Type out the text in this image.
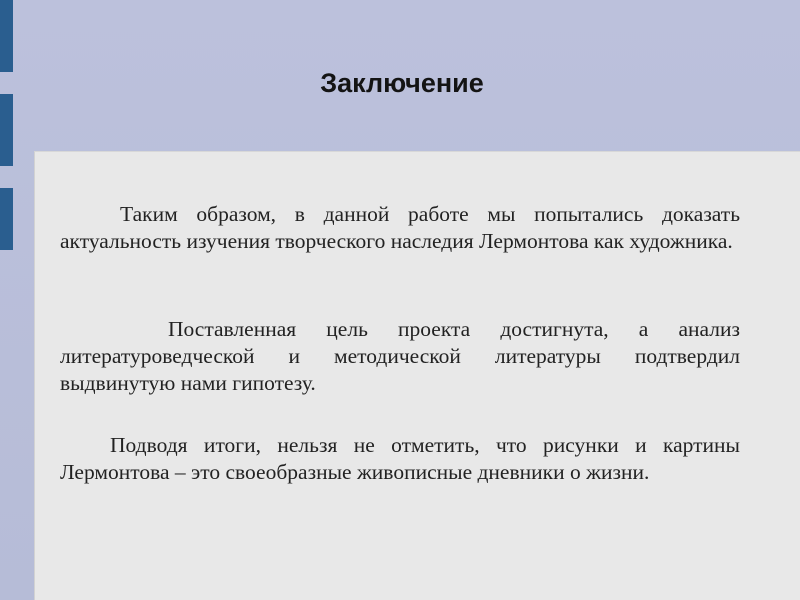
Заключение

Таким образом, в данной работе мы попытались доказать актуальность изучения творческого наследия Лермонтова как художника.

Поставленная цель проекта достигнута, а анализ литературоведческой и методической литературы подтвердил выдвинутую нами гипотезу.

Подводя итоги, нельзя не отметить, что рисунки и картины Лермонтова – это своеобразные живописные дневники о жизни.
